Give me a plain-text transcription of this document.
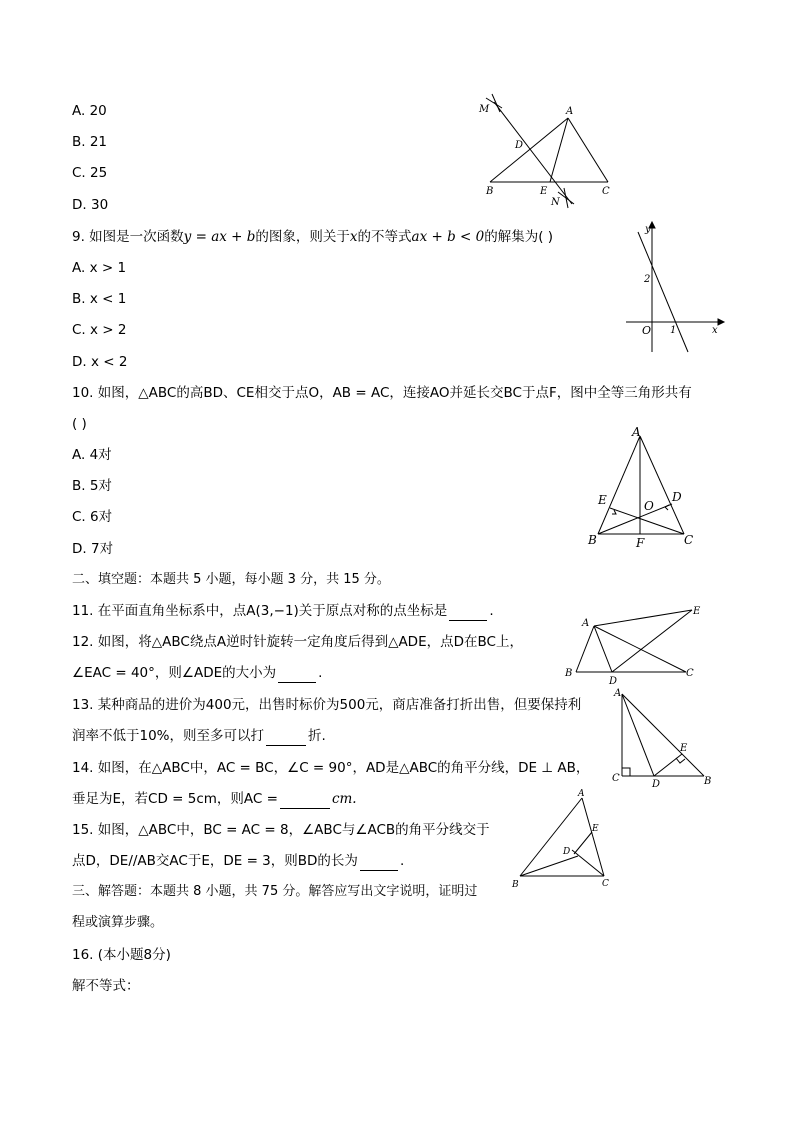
A. 20
B. 21
C. 25
D. 30
M	A
D
B	E	C
N
9. 如图是一次函数y = ax + b的图象，则关于x的不等式ax + b < 0的解集为( )
A. x > 1
B. x < 1
C. x > 2
D. x < 2
y
x
O
2
1
10. 如图，△ABC的高BD、CE相交于点O，AB = AC，连接AO并延长交BC于点F，图中全等三角形共有
( )
A. 4对
B. 5对
C. 6对
D. 7对
A
E	D
O
B	F	C
二、填空题：本题共 5 小题，每小题 3 分，共 15 分。
11. 在平面直角坐标系中，点A(3,−1)关于原点对称的点坐标是	.
12. 如图，将△ABC绕点A逆时针旋转一定角度后得到△ADE，点D在BC上，
∠EAC = 40°，则∠ADE的大小为	.
A
E
B
D
C
13. 某种商品的进价为400元，出售时标价为500元，商店准备打折出售，但要保持利
润率不低于10%，则至多可以打	折.
14. 如图，在△ABC中，AC = BC，∠C = 90°，AD是△ABC的角平分线，DE ⊥ AB，
垂足为E，若CD = 5cm，则AC =	cm.
A
C
D
E
B
15. 如图，△ABC中，BC = AC = 8，∠ABC与∠ACB的角平分线交于
点D，DE//AB交AC于E，DE = 3，则BD的长为	.
A
E
D
B	C
三、解答题：本题共 8 小题，共 75 分。解答应写出文字说明，证明过
程或演算步骤。
16. (本小题8分)
解不等式：
